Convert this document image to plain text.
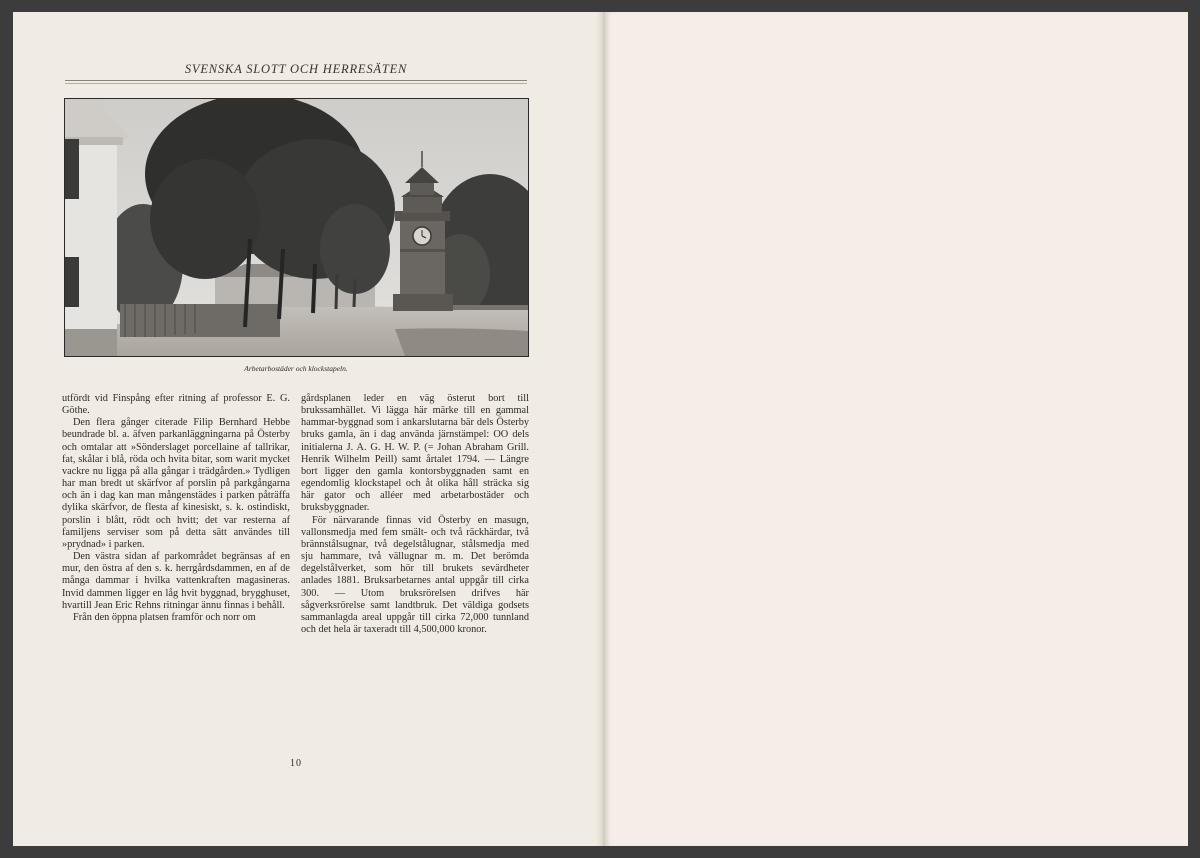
SVENSKA SLOTT OCH HERRESÄTEN
Arbetarbostäder och klockstapeln.

utfördt vid Finspång efter ritning af professor E. G. Göthe.

Den flera gånger citerade Filip Bernhard Hebbe beundrade bl. a. äfven parkanläggningarna på Österby och omtalar att »Sönderslaget porcellaine af tallrikar, fat, skålar i blå, röda och hvita bitar, som warit mycket vackre nu ligga på alla gångar i trädgården.» Tydligen har man bredt ut skärfvor af porslin på parkgångarna och än i dag kan man mångenstädes i parken påträffa dylika skärfvor, de flesta af kinesiskt, s. k. ostindiskt, porslin i blått, rödt och hvitt; det var resterna af familjens serviser som på detta sätt användes till »prydnad» i parken.

Den västra sidan af parkområdet begränsas af en mur, den östra af den s. k. herrgårdsdammen, en af de många dammar i hvilka vattenkraften magasineras. Invid dammen ligger en låg hvit byggnad, brygghuset, hvartill Jean Eric Rehns ritningar ännu finnas i behåll.

Från den öppna platsen framför och norr om

gårdsplanen leder en väg österut bort till brukssamhället. Vi lägga här märke till en gammal hammar-byggnad som i ankarslutarna bär dels Österby bruks gamla, än i dag använda järnstämpel: OO dels initialerna J. A. G. H. W. P. (= Johan Abraham Grill. Henrik Wilhelm Peill) samt årtalet 1794. — Längre bort ligger den gamla kontorsbyggnaden samt en egendomlig klockstapel och åt olika håll sträcka sig här gator och alléer med arbetarbostäder och bruksbyggnader.

För närvarande finnas vid Österby en masugn, vallonsmedja med fem smält- och två räckhärdar, två brännstålsugnar, två degelstålugnar, stålsmedja med sju hammare, två vällugnar m. m. Det berömda degelstålverket, som hör till brukets sevärdheter anlades 1881. Bruksarbetarnes antal uppgår till cirka 300. — Utom bruksrörelsen drifves här sågverksrörelse samt landtbruk. Det väldiga godsets sammanlagda areal uppgår till cirka 72,000 tunnland och det hela är taxeradt till 4,500,000 kronor.

10
